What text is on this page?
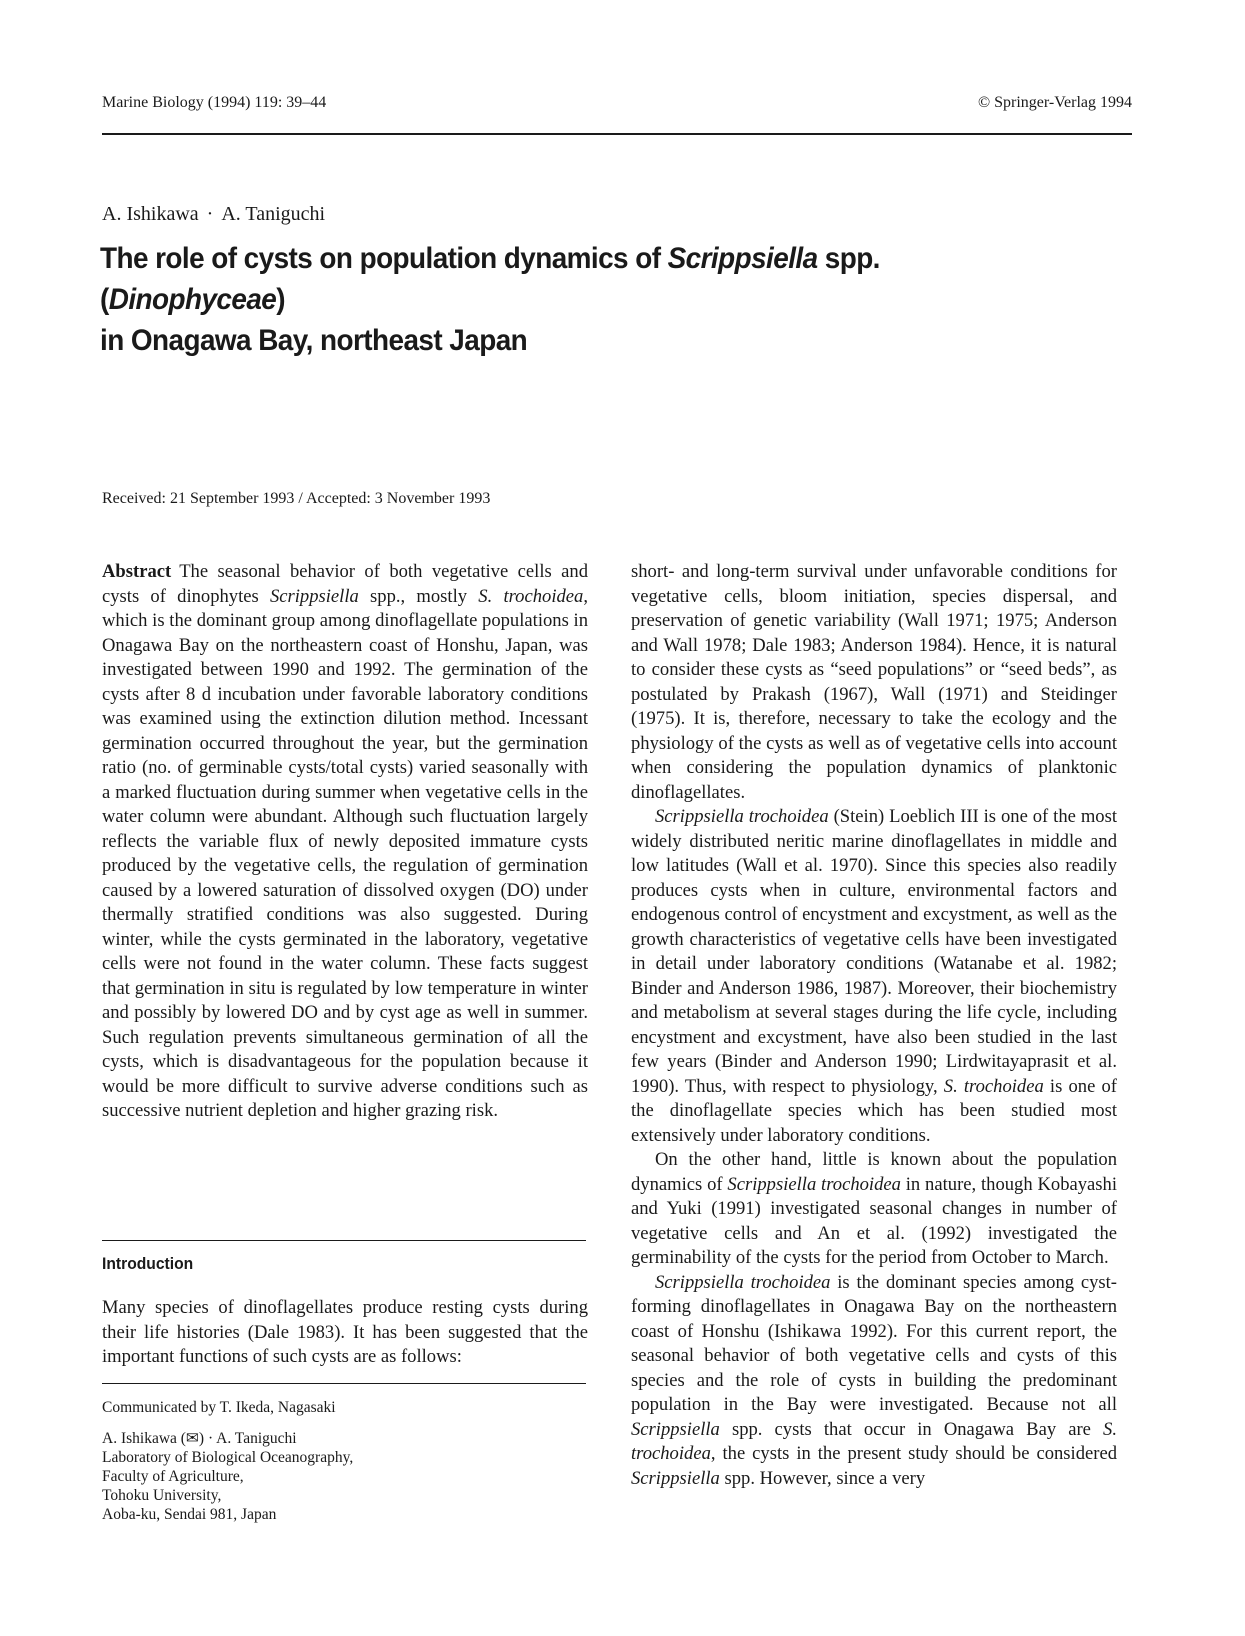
Marine Biology (1994) 119: 39–44	© Springer-Verlag 1994
A. Ishikawa · A. Taniguchi
The role of cysts on population dynamics of Scrippsiella spp. (Dinophyceae)
in Onagawa Bay, northeast Japan
Received: 21 September 1993 / Accepted: 3 November 1993

Abstract The seasonal behavior of both vegetative cells and cysts of dinophytes Scrippsiella spp., mostly S. trochoidea, which is the dominant group among dinoflagellate populations in Onagawa Bay on the northeastern coast of Honshu, Japan, was investigated between 1990 and 1992. The germination of the cysts after 8 d incubation under favorable laboratory conditions was examined using the extinction dilution method. Incessant germination occurred throughout the year, but the germination ratio (no. of germinable cysts/total cysts) varied seasonally with a marked fluctuation during summer when vegetative cells in the water column were abundant. Although such fluctuation largely reflects the variable flux of newly deposited immature cysts produced by the vegetative cells, the regulation of germination caused by a lowered saturation of dissolved oxygen (DO) under thermally stratified conditions was also suggested. During winter, while the cysts germinated in the laboratory, vegetative cells were not found in the water column. These facts suggest that germination in situ is regulated by low temperature in winter and possibly by lowered DO and by cyst age as well in summer. Such regulation prevents simultaneous germination of all the cysts, which is disadvantageous for the population because it would be more difficult to survive adverse conditions such as successive nutrient depletion and higher grazing risk.

Introduction

Many species of dinoflagellates produce resting cysts during their life histories (Dale 1983). It has been suggested that the important functions of such cysts are as follows:

Communicated by T. Ikeda, Nagasaki
A. Ishikawa (✉) · A. Taniguchi
Laboratory of Biological Oceanography,
Faculty of Agriculture,
Tohoku University,
Aoba-ku, Sendai 981, Japan

short- and long-term survival under unfavorable conditions for vegetative cells, bloom initiation, species dispersal, and preservation of genetic variability (Wall 1971; 1975; Anderson and Wall 1978; Dale 1983; Anderson 1984). Hence, it is natural to consider these cysts as “seed populations” or “seed beds”, as postulated by Prakash (1967), Wall (1971) and Steidinger (1975). It is, therefore, necessary to take the ecology and the physiology of the cysts as well as of vegetative cells into account when considering the population dynamics of planktonic dinoflagellates.

Scrippsiella trochoidea (Stein) Loeblich III is one of the most widely distributed neritic marine dinoflagellates in middle and low latitudes (Wall et al. 1970). Since this species also readily produces cysts when in culture, environmental factors and endogenous control of encystment and excystment, as well as the growth characteristics of vegetative cells have been investigated in detail under laboratory conditions (Watanabe et al. 1982; Binder and Anderson 1986, 1987). Moreover, their biochemistry and metabolism at several stages during the life cycle, including encystment and excystment, have also been studied in the last few years (Binder and Anderson 1990; Lirdwitayaprasit et al. 1990). Thus, with respect to physiology, S. trochoidea is one of the dinoflagellate species which has been studied most extensively under laboratory conditions.

On the other hand, little is known about the population dynamics of Scrippsiella trochoidea in nature, though Kobayashi and Yuki (1991) investigated seasonal changes in number of vegetative cells and An et al. (1992) investigated the germinability of the cysts for the period from October to March.

Scrippsiella trochoidea is the dominant species among cyst-forming dinoflagellates in Onagawa Bay on the northeastern coast of Honshu (Ishikawa 1992). For this current report, the seasonal behavior of both vegetative cells and cysts of this species and the role of cysts in building the predominant population in the Bay were investigated. Because not all Scrippsiella spp. cysts that occur in Onagawa Bay are S. trochoidea, the cysts in the present study should be considered Scrippsiella spp. However, since a very
